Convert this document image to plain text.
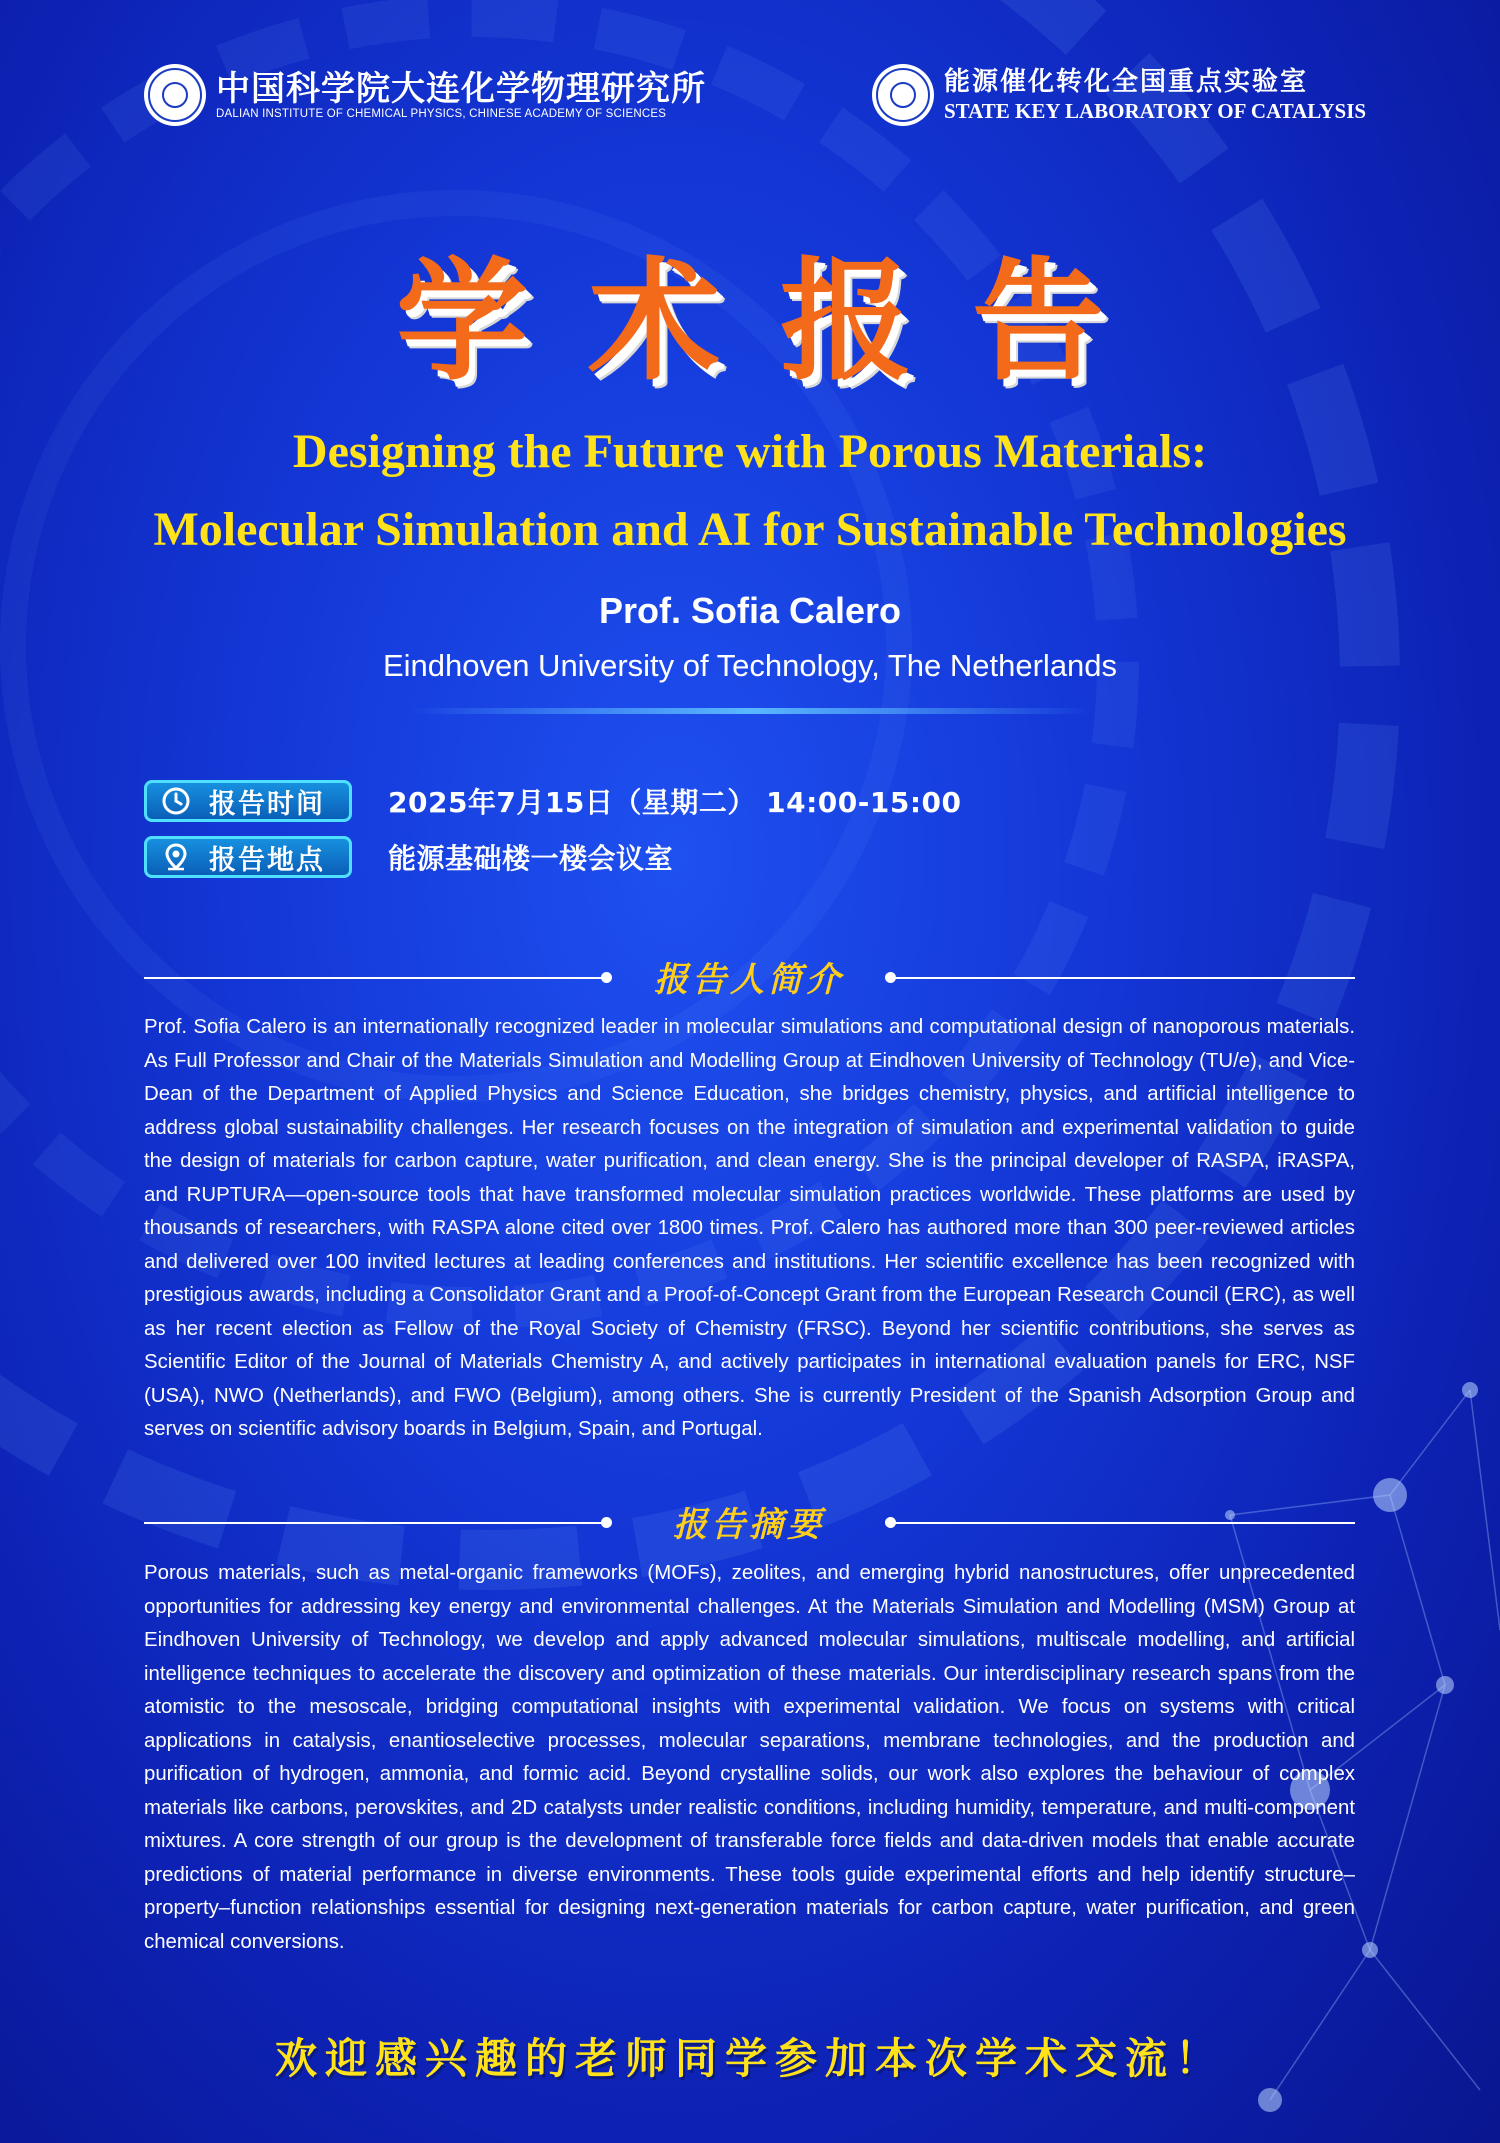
中国科学院大连化学物理研究所
DALIAN INSTITUTE OF CHEMICAL PHYSICS, CHINESE ACADEMY OF SCIENCES
能源催化转化全国重点实验室
STATE KEY LABORATORY OF CATALYSIS
学术报告
Designing the Future with Porous Materials:
Molecular Simulation and AI for Sustainable Technologies
Prof. Sofia Calero
Eindhoven University of Technology, The Netherlands
报告时间 2025年7月15日（星期二） 14:00-15:00
报告地点 能源基础楼一楼会议室
报告人简介
Prof. Sofia Calero is an internationally recognized leader in molecular simulations and computational design of nanoporous materials. As Full Professor and Chair of the Materials Simulation and Modelling Group at Eindhoven University of Technology (TU/e), and Vice-Dean of the Department of Applied Physics and Science Education, she bridges chemistry, physics, and artificial intelligence to address global sustainability challenges. Her research focuses on the integration of simulation and experimental validation to guide the design of materials for carbon capture, water purification, and clean energy. She is the principal developer of RASPA, iRASPA, and RUPTURA—open-source tools that have transformed molecular simulation practices worldwide. These platforms are used by thousands of researchers, with RASPA alone cited over 1800 times. Prof. Calero has authored more than 300 peer-reviewed articles and delivered over 100 invited lectures at leading conferences and institutions. Her scientific excellence has been recognized with prestigious awards, including a Consolidator Grant and a Proof-of-Concept Grant from the European Research Council (ERC), as well as her recent election as Fellow of the Royal Society of Chemistry (FRSC). Beyond her scientific contributions, she serves as Scientific Editor of the Journal of Materials Chemistry A, and actively participates in international evaluation panels for ERC, NSF (USA), NWO (Netherlands), and FWO (Belgium), among others. She is currently President of the Spanish Adsorption Group and serves on scientific advisory boards in Belgium, Spain, and Portugal.
报告摘要
Porous materials, such as metal-organic frameworks (MOFs), zeolites, and emerging hybrid nanostructures, offer unprecedented opportunities for addressing key energy and environmental challenges. At the Materials Simulation and Modelling (MSM) Group at Eindhoven University of Technology, we develop and apply advanced molecular simulations, multiscale modelling, and artificial intelligence techniques to accelerate the discovery and optimization of these materials. Our interdisciplinary research spans from the atomistic to the mesoscale, bridging computational insights with experimental validation. We focus on systems with critical applications in catalysis, enantioselective processes, molecular separations, membrane technologies, and the production and purification of hydrogen, ammonia, and formic acid. Beyond crystalline solids, our work also explores the behaviour of complex materials like carbons, perovskites, and 2D catalysts under realistic conditions, including humidity, temperature, and multi-component mixtures. A core strength of our group is the development of transferable force fields and data-driven models that enable accurate predictions of material performance in diverse environments. These tools guide experimental efforts and help identify structure–property–function relationships essential for designing next-generation materials for carbon capture, water purification, and green chemical conversions.
欢迎感兴趣的老师同学参加本次学术交流！
